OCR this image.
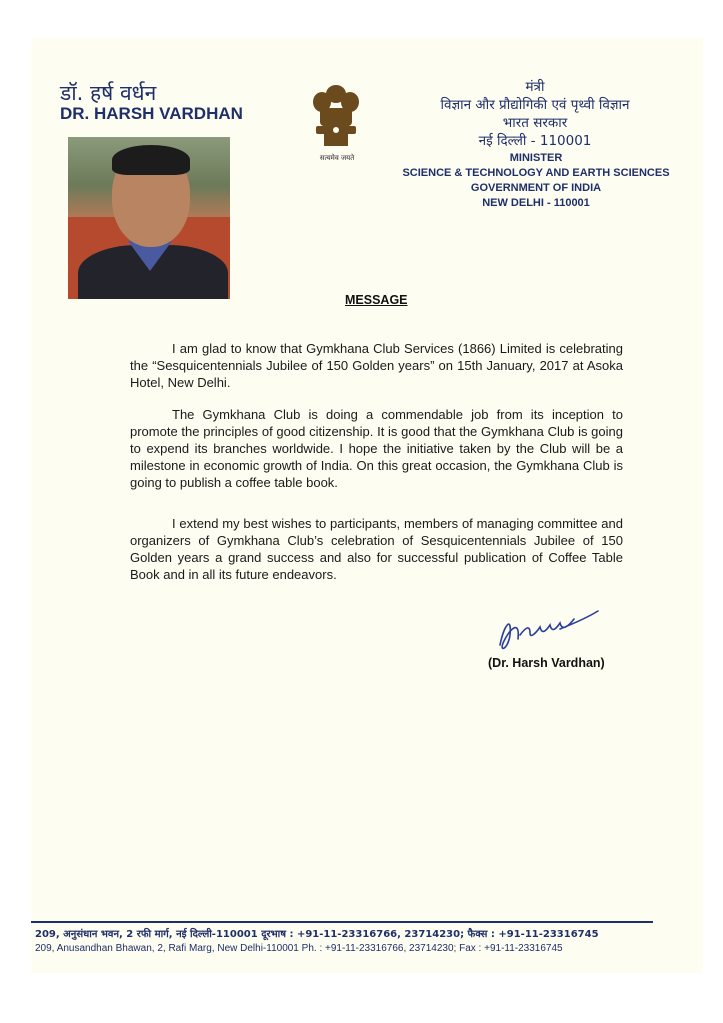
डॉ. हर्ष वर्धन
DR. HARSH VARDHAN
सत्यमेव जयते
मंत्री
विज्ञान और प्रौद्योगिकी एवं पृथ्वी विज्ञान
भारत सरकार
नई दिल्ली - 110001
MINISTER
SCIENCE & TECHNOLOGY AND EARTH SCIENCES
GOVERNMENT OF INDIA
NEW DELHI - 110001
MESSAGE
I am glad to know that Gymkhana Club Services (1866) Limited is celebrating the “Sesquicentennials Jubilee of 150 Golden years” on 15th January, 2017 at Asoka Hotel, New Delhi.
The Gymkhana Club is doing a commendable job from its inception to promote the principles of good citizenship. It is good that the Gymkhana Club is going to expend its branches worldwide. I hope the initiative taken by the Club will be a milestone in economic growth of India. On this great occasion, the Gymkhana Club is going to publish a coffee table book.
I extend my best wishes to participants, members of managing committee and organizers of Gymkhana Club’s celebration of Sesquicentennials Jubilee of 150 Golden years a grand success and also for successful publication of Coffee Table Book and in all its future endeavors.
(Dr. Harsh Vardhan)
209, अनुसंधान भवन, 2 रफी मार्ग, नई दिल्ली-110001 दूरभाष : +91-11-23316766, 23714230; फैक्स : +91-11-23316745
209, Anusandhan Bhawan, 2, Rafi Marg, New Delhi-110001 Ph. : +91-11-23316766, 23714230; Fax : +91-11-23316745
